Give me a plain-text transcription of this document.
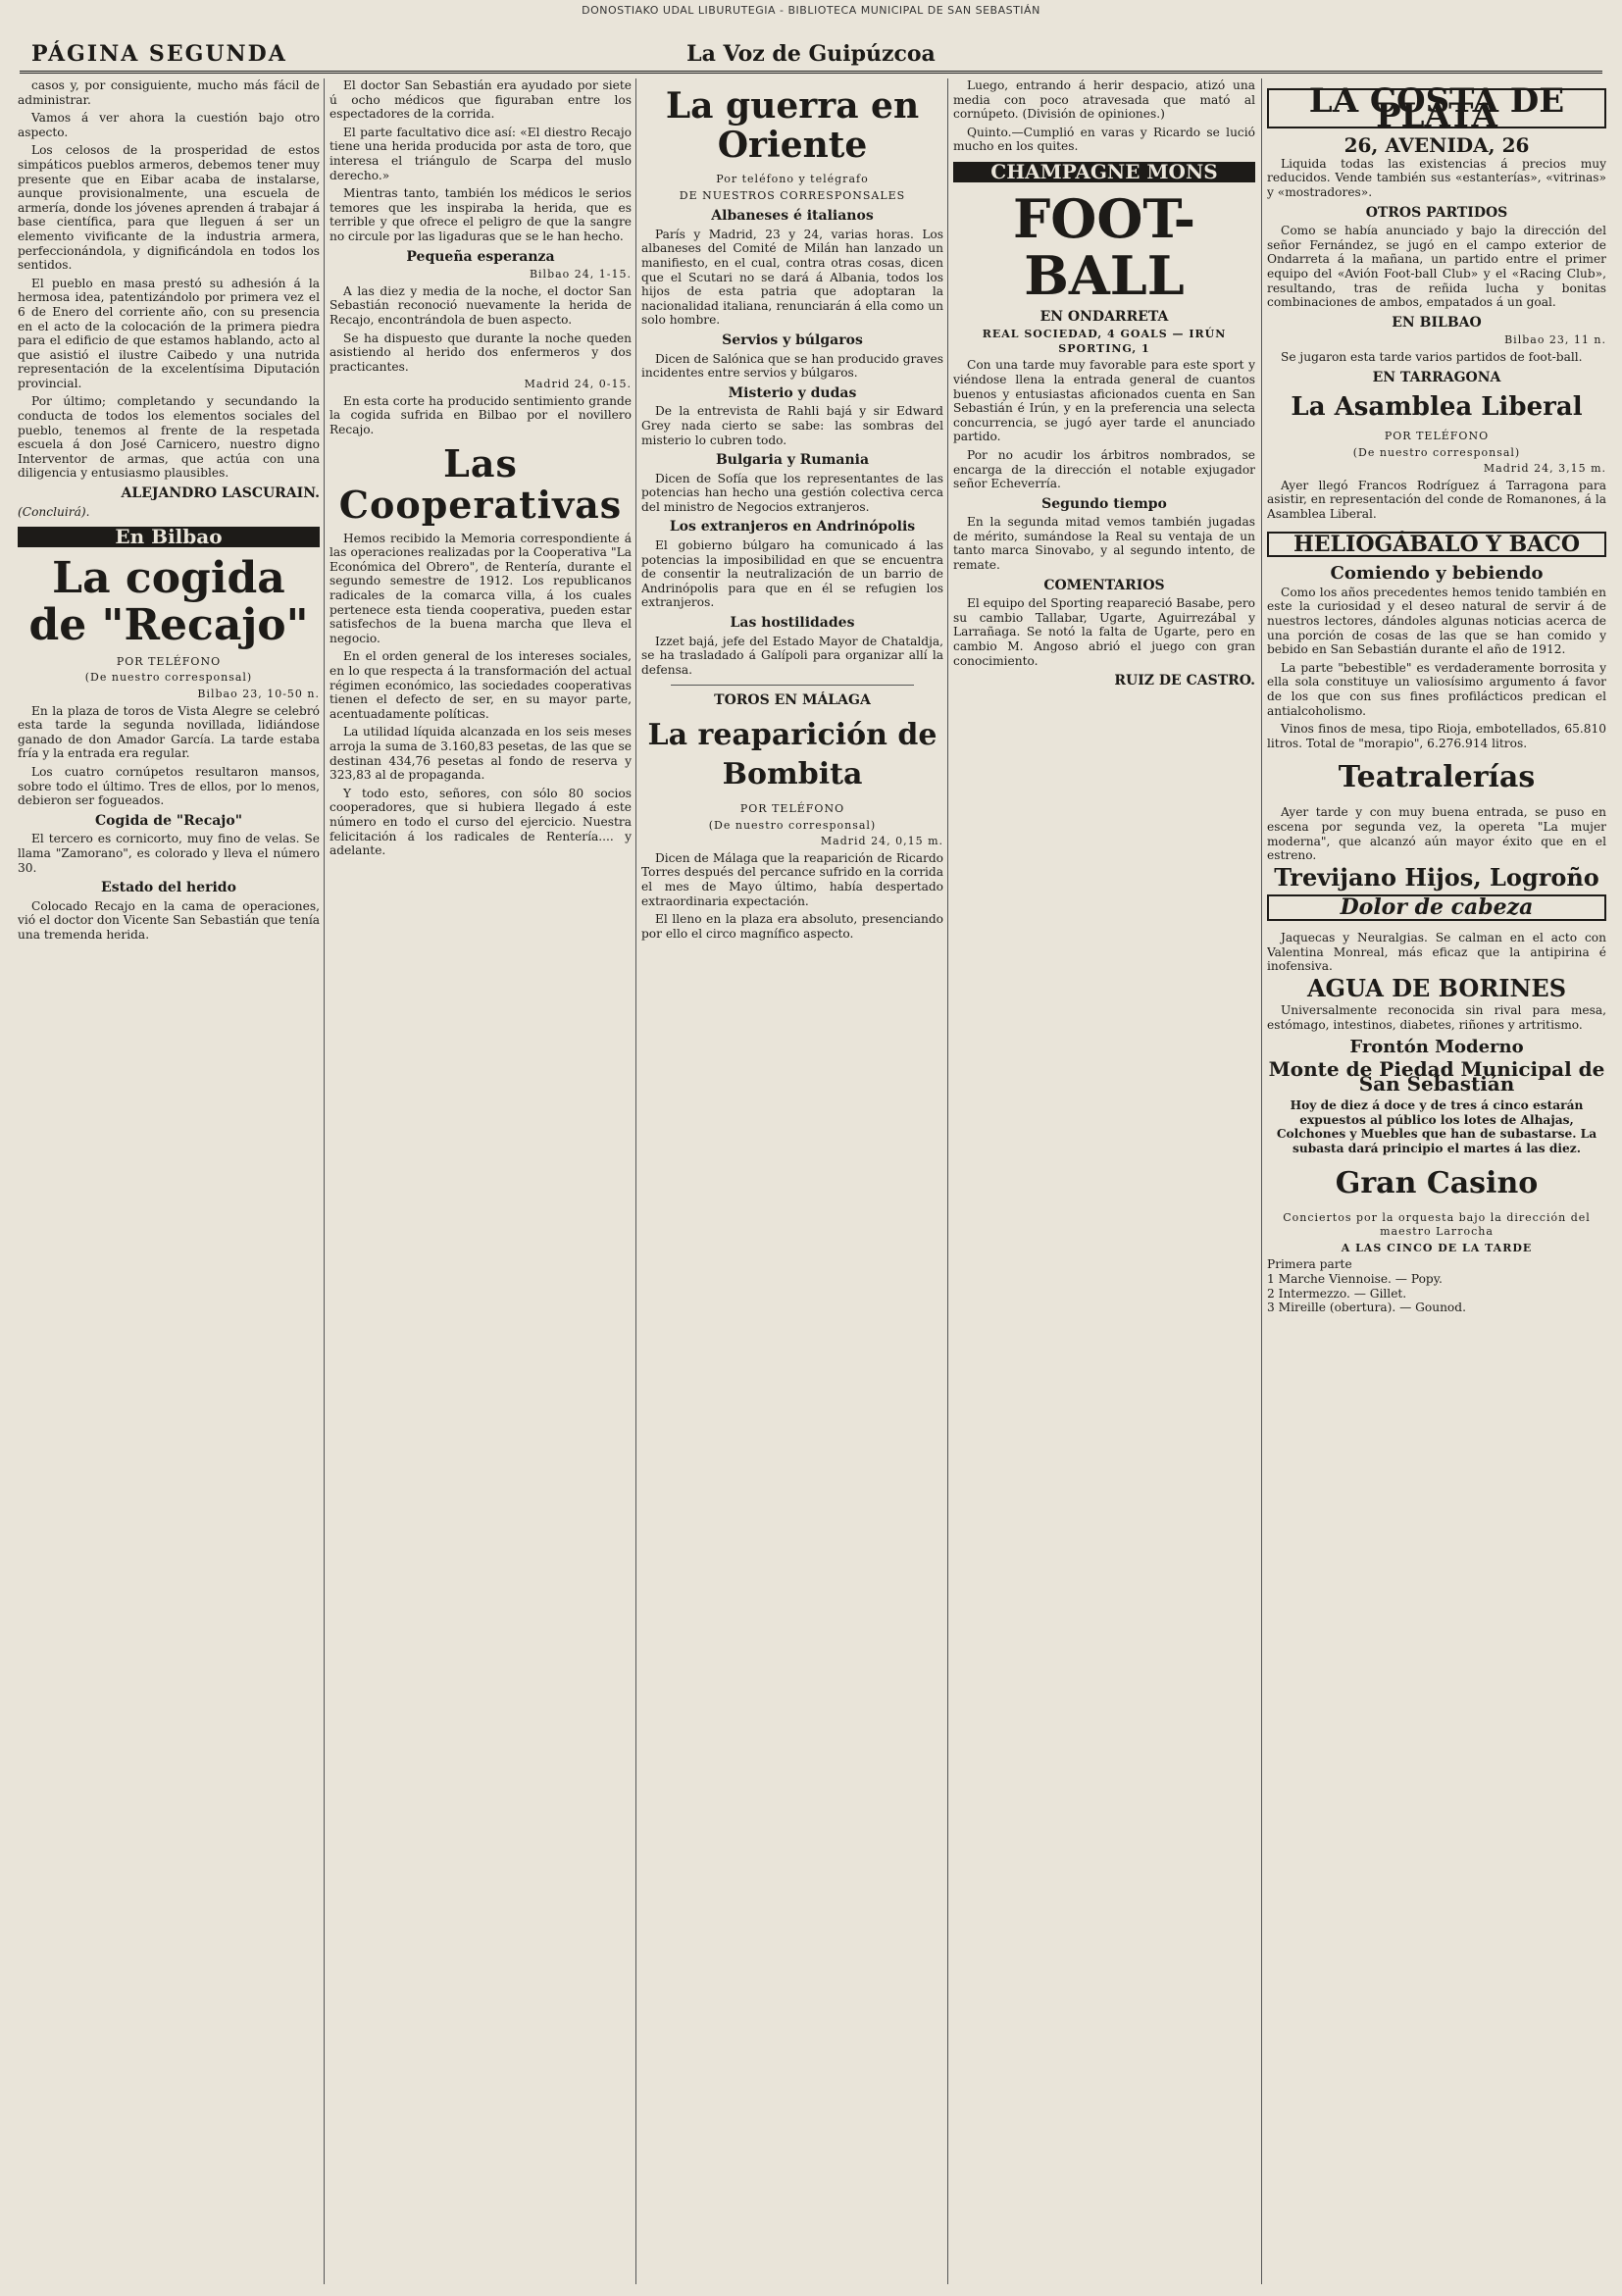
DONOSTIAKO UDAL LIBURUTEGIA - BIBLIOTECA MUNICIPAL DE SAN SEBASTIÁN
PÁGINA SEGUNDA	La Voz de Guipúzcoa

casos y, por consiguiente, mucho más fácil de administrar.

Vamos á ver ahora la cuestión bajo otro aspecto.

Los celosos de la prosperidad de estos simpáticos pueblos armeros, debemos tener muy presente que en Eibar acaba de instalarse, aunque provisionalmente, una escuela de armería, donde los jóvenes aprenden á trabajar á base científica, para que lleguen á ser un elemento vivificante de la industria armera, perfeccionándola, y dignificándola en todos los sentidos.

El pueblo en masa prestó su adhesión á la hermosa idea, patentizándolo por primera vez el 6 de Enero del corriente año, con su presencia en el acto de la colocación de la primera piedra para el edificio de que estamos hablando, acto al que asistió el ilustre Caibedo y una nutrida representación de la excelentísima Diputación provincial.

Por último; completando y secundando la conducta de todos los elementos sociales del pueblo, tenemos al frente de la respetada escuela á don José Carnicero, nuestro digno Interventor de armas, que actúa con una diligencia y entusiasmo plausibles.

ALEJANDRO LASCURAIN.
(Concluirá).
En Bilbao
La cogida de "Recajo"
POR TELÉFONO
(De nuestro corresponsal)
Bilbao 23, 10-50 n.

En la plaza de toros de Vista Alegre se celebró esta tarde la segunda novillada, lidiándose ganado de don Amador García. La tarde estaba fría y la entrada era regular.

Los cuatro cornúpetos resultaron mansos, sobre todo el último. Tres de ellos, por lo menos, debieron ser fogueados.

Cogida de "Recajo"

El tercero es cornicorto, muy fino de velas. Se llama "Zamorano", es colorado y lleva el número 30.

Estado del herido

Colocado Recajo en la cama de operaciones, vió el doctor don Vicente San Sebastián que tenía una tremenda herida.

El doctor San Sebastián era ayudado por siete ú ocho médicos que figuraban entre los espectadores de la corrida.

El parte facultativo dice así: «El diestro Recajo tiene una herida producida por asta de toro, que interesa el triángulo de Scarpa del muslo derecho.»

Mientras tanto, también los médicos le serios temores que les inspiraba la herida, que es terrible y que ofrece el peligro de que la sangre no circule por las ligaduras que se le han hecho.

Pequeña esperanza
Bilbao 24, 1-15.

A las diez y media de la noche, el doctor San Sebastián reconoció nuevamente la herida de Recajo, encontrándola de buen aspecto.

Se ha dispuesto que durante la noche queden asistiendo al herido dos enfermeros y dos practicantes.

Madrid 24, 0-15.

En esta corte ha producido sentimiento grande la cogida sufrida en Bilbao por el novillero Recajo.

Las Cooperativas

Hemos recibido la Memoria correspondiente á las operaciones realizadas por la Cooperativa "La Económica del Obrero", de Rentería, durante el segundo semestre de 1912. Los republicanos radicales de la comarca villa, á los cuales pertenece esta tienda cooperativa, pueden estar satisfechos de la buena marcha que lleva el negocio.

En el orden general de los intereses sociales, en lo que respecta á la transformación del actual régimen económico, las sociedades cooperativas tienen el defecto de ser, en su mayor parte, acentuadamente políticas.

La utilidad líquida alcanzada en los seis meses arroja la suma de 3.160,83 pesetas, de las que se destinan 434,76 pesetas al fondo de reserva y 323,83 al de propaganda.

Y todo esto, señores, con sólo 80 socios cooperadores, que si hubiera llegado á este número en todo el curso del ejercicio. Nuestra felicitación á los radicales de Rentería.... y adelante.

La guerra en Oriente
Por teléfono y telégrafo
DE NUESTROS CORRESPONSALES
Albaneses é italianos

París y Madrid, 23 y 24, varias horas. Los albaneses del Comité de Milán han lanzado un manifiesto, en el cual, contra otras cosas, dicen que el Scutari no se dará á Albania, todos los hijos de esta patria que adoptaran la nacionalidad italiana, renunciarán á ella como un solo hombre.

Servios y búlgaros

Dicen de Salónica que se han producido graves incidentes entre servios y búlgaros.

Misterio y dudas

De la entrevista de Rahli bajá y sir Edward Grey nada cierto se sabe: las sombras del misterio lo cubren todo.

Bulgaria y Rumania

Dicen de Sofía que los representantes de las potencias han hecho una gestión colectiva cerca del ministro de Negocios extranjeros.

Los extranjeros en Andrinópolis

El gobierno búlgaro ha comunicado á las potencias la imposibilidad en que se encuentra de consentir la neutralización de un barrio de Andrinópolis para que en él se refugien los extranjeros.

Las hostilidades

Izzet bajá, jefe del Estado Mayor de Chataldja, se ha trasladado á Galípoli para organizar allí la defensa.

TOROS EN MÁLAGA
La reaparición de Bombita
POR TELÉFONO
(De nuestro corresponsal)
Madrid 24, 0,15 m.

Dicen de Málaga que la reaparición de Ricardo Torres después del percance sufrido en la corrida el mes de Mayo último, había despertado extraordinaria expectación.

El lleno en la plaza era absoluto, presenciando por ello el circo magnífico aspecto.

Luego, entrando á herir despacio, atizó una media con poco atravesada que mató al cornúpeto. (División de opiniones.)

Quinto.—Cumplió en varas y Ricardo se lució mucho en los quites.

CHAMPAGNE MONS
FOOT-BALL
EN ONDARRETA
REAL SOCIEDAD, 4 GOALS — IRÚN SPORTING, 1

Con una tarde muy favorable para este sport y viéndose llena la entrada general de cuantos buenos y entusiastas aficionados cuenta en San Sebastián é Irún, y en la preferencia una selecta concurrencia, se jugó ayer tarde el anunciado partido.

Por no acudir los árbitros nombrados, se encarga de la dirección el notable exjugador señor Echeverría.

Segundo tiempo

En la segunda mitad vemos también jugadas de mérito, sumándose la Real su ventaja de un tanto marca Sinovabo, y al segundo intento, de remate.

COMENTARIOS

El equipo del Sporting reapareció Basabe, pero su cambio Tallabar, Ugarte, Aguirrezábal y Larrañaga. Se notó la falta de Ugarte, pero en cambio M. Angoso abrió el juego con gran conocimiento.

RUIZ DE CASTRO.
LA COSTA DE PLATA
26, AVENIDA, 26

Liquida todas las existencias á precios muy reducidos. Vende también sus «estanterías», «vitrinas» y «mostradores».

OTROS PARTIDOS

Como se había anunciado y bajo la dirección del señor Fernández, se jugó en el campo exterior de Ondarreta á la mañana, un partido entre el primer equipo del «Avión Foot-ball Club» y el «Racing Club», resultando, tras de reñida lucha y bonitas combinaciones de ambos, empatados á un goal.

EN BILBAO
Bilbao 23, 11 n.

Se jugaron esta tarde varios partidos de foot-ball.

EN TARRAGONA
La Asamblea Liberal
POR TELÉFONO
(De nuestro corresponsal)
Madrid 24, 3,15 m.

Ayer llegó Francos Rodríguez á Tarragona para asistir, en representación del conde de Romanones, á la Asamblea Liberal.

HELIOGÁBALO Y BACO
Comiendo y bebiendo

Como los años precedentes hemos tenido también en este la curiosidad y el deseo natural de servir á de nuestros lectores, dándoles algunas noticias acerca de una porción de cosas de las que se han comido y bebido en San Sebastián durante el año de 1912.

La parte "bebestible" es verdaderamente borrosita y ella sola constituye un valiosísimo argumento á favor de los que con sus fines profilácticos predican el antialcoholismo.

Vinos finos de mesa, tipo Rioja, embotellados, 65.810 litros. Total de "morapio", 6.276.914 litros.

Teatralerías

Ayer tarde y con muy buena entrada, se puso en escena por segunda vez, la opereta "La mujer moderna", que alcanzó aún mayor éxito que en el estreno.

Trevijano Hijos, Logroño
Dolor de cabeza

Jaquecas y Neuralgias. Se calman en el acto con Valentina Monreal, más eficaz que la antipirina é inofensiva.

AGUA DE BORINES

Universalmente reconocida sin rival para mesa, estómago, intestinos, diabetes, riñones y artritismo.

Frontón Moderno
Monte de Piedad Municipal de San Sebastián

Hoy de diez á doce y de tres á cinco estarán expuestos al público los lotes de Alhajas, Colchones y Muebles que han de subastarse. La subasta dará principio el martes á las diez.

Gran Casino
Conciertos por la orquesta bajo la dirección del maestro Larrocha
A LAS CINCO DE LA TARDE
Primera parte
1 Marche Viennoise. — Popy.
2 Intermezzo. — Gillet.
3 Mireille (obertura). — Gounod.
